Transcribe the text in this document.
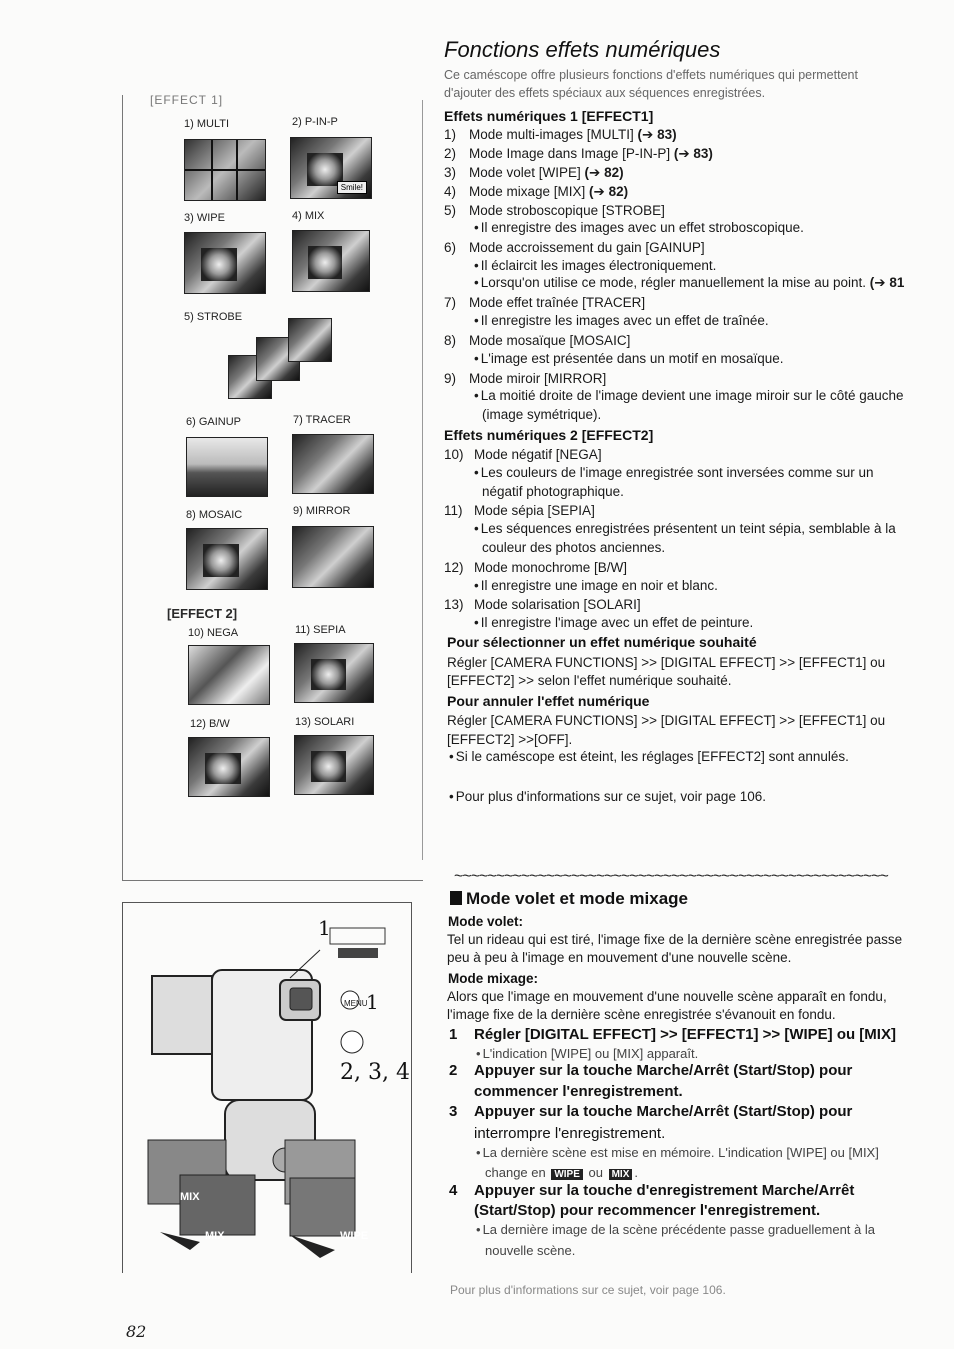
[EFFECT 1]
1) MULTI	2) P-IN-P
Smile!
3) WIPE	4) MIX
5) STROBE
6) GAINUP	7) TRACER
8) MOSAIC	9) MIRROR
[EFFECT 2]
10) NEGA	11) SEPIA
12) B/W	13) SOLARI
1
1
2, 3, 4
MENU
MIX
MIX	WIPE
Fonctions effets numériques
Ce caméscope offre plusieurs fonctions d'effets numériques qui permettent
d'ajouter des effets spéciaux aux séquences enregistrées.
Effets numériques 1 [EFFECT1]
1) Mode multi-images [MULTI] (➔ 83)
2) Mode Image dans Image [P-IN-P] (➔ 83)
3) Mode volet [WIPE] (➔ 82)
4) Mode mixage [MIX] (➔ 82)
5) Mode stroboscopique [STROBE]
• Il enregistre des images avec un effet stroboscopique.
6) Mode accroissement du gain [GAINUP]
• Il éclaircit les images électroniquement.
• Lorsqu'on utilise ce mode, régler manuellement la mise au point. (➔ 81
7) Mode effet traînée [TRACER]
• Il enregistre les images avec un effet de traînée.
8) Mode mosaïque [MOSAIC]
• L'image est présentée dans un motif en mosaïque.
9) Mode miroir [MIRROR]
• La moitié droite de l'image devient une image miroir sur le côté gauche
(image symétrique).
Effets numériques 2 [EFFECT2]
10) Mode négatif [NEGA]
• Les couleurs de l'image enregistrée sont inversées comme sur un
négatif photographique.
11) Mode sépia [SEPIA]
• Les séquences enregistrées présentent un teint sépia, semblable à la
couleur des photos anciennes.
12) Mode monochrome [B/W]
• Il enregistre une image en noir et blanc.
13) Mode solarisation [SOLARI]
• Il enregistre l'image avec un effet de peinture.
Pour sélectionner un effet numérique souhaité
Régler [CAMERA FUNCTIONS] >> [DIGITAL EFFECT] >> [EFFECT1] ou
[EFFECT2] >> selon l'effet numérique souhaité.
Pour annuler l'effet numérique
Régler [CAMERA FUNCTIONS] >> [DIGITAL EFFECT] >> [EFFECT1] ou
[EFFECT2] >>[OFF].
• Si le caméscope est éteint, les réglages [EFFECT2] sont annulés.
• Pour plus d'informations sur ce sujet, voir page 106.
~~~~~~~~~~~~~~~~~~~~~~~~~~~~~~~~~~~~~~~~~~~~~~~~~~~~
Mode volet et mode mixage
Mode volet:
Tel un rideau qui est tiré, l'image fixe de la dernière scène enregistrée passe
peu à peu à l'image en mouvement d'une nouvelle scène.
Mode mixage:
Alors que l'image en mouvement d'une nouvelle scène apparaît en fondu,
l'image fixe de la dernière scène enregistrée s'évanouit en fondu.
1 Régler [DIGITAL EFFECT] >> [EFFECT1] >> [WIPE] ou [MIX]
• L'indication [WIPE] ou [MIX] apparaît.
2 Appuyer sur la touche Marche/Arrêt (Start/Stop) pour
commencer l'enregistrement.
3 Appuyer sur la touche Marche/Arrêt (Start/Stop) pour
interrompre l'enregistrement.
• La dernière scène est mise en mémoire. L'indication [WIPE] ou [MIX]
change en WIPE ou MIX .
4 Appuyer sur la touche d'enregistrement Marche/Arrêt
(Start/Stop) pour recommencer l'enregistrement.
• La dernière image de la scène précédente passe graduellement à la
nouvelle scène.
Pour plus d'informations sur ce sujet, voir page 106.
82
